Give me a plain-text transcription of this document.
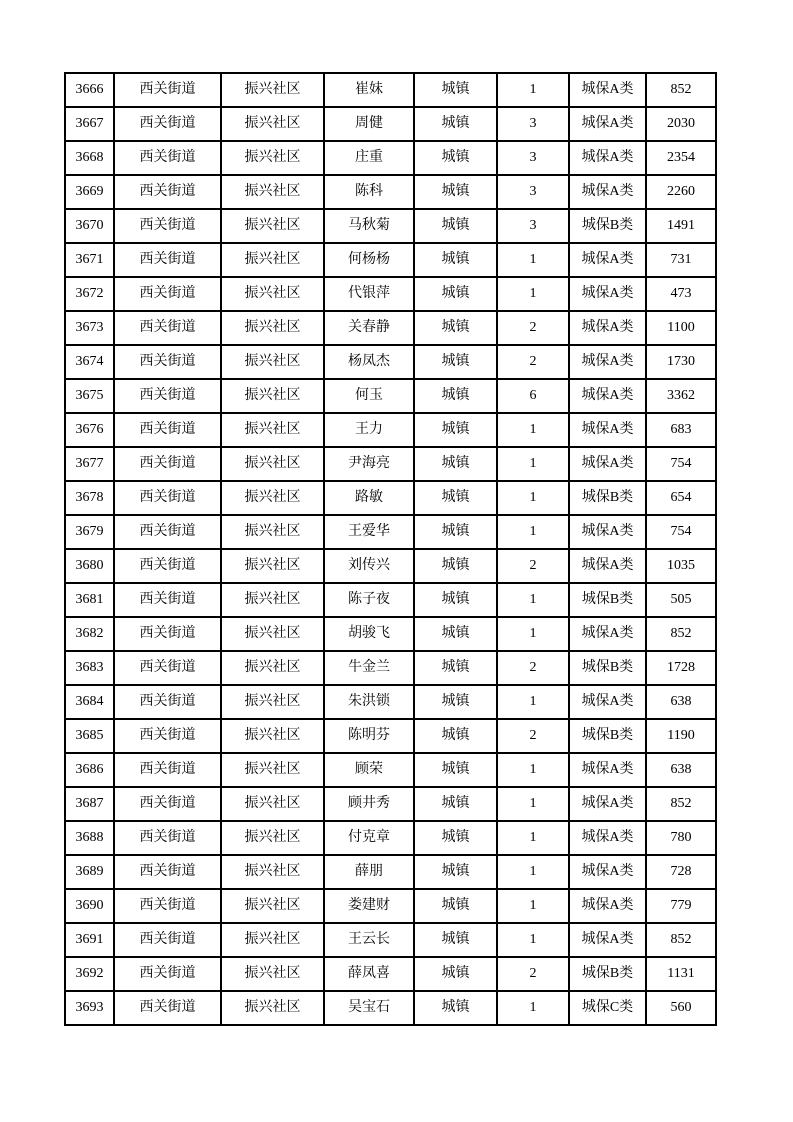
3666	西关街道	振兴社区	崔妹	城镇	1	城保A类	852
3667	西关街道	振兴社区	周健	城镇	3	城保A类	2030
3668	西关街道	振兴社区	庄重	城镇	3	城保A类	2354
3669	西关街道	振兴社区	陈科	城镇	3	城保A类	2260
3670	西关街道	振兴社区	马秋菊	城镇	3	城保B类	1491
3671	西关街道	振兴社区	何杨杨	城镇	1	城保A类	731
3672	西关街道	振兴社区	代银萍	城镇	1	城保A类	473
3673	西关街道	振兴社区	关春静	城镇	2	城保A类	1100
3674	西关街道	振兴社区	杨凤杰	城镇	2	城保A类	1730
3675	西关街道	振兴社区	何玉	城镇	6	城保A类	3362
3676	西关街道	振兴社区	王力	城镇	1	城保A类	683
3677	西关街道	振兴社区	尹海亮	城镇	1	城保A类	754
3678	西关街道	振兴社区	路敏	城镇	1	城保B类	654
3679	西关街道	振兴社区	王爱华	城镇	1	城保A类	754
3680	西关街道	振兴社区	刘传兴	城镇	2	城保A类	1035
3681	西关街道	振兴社区	陈子夜	城镇	1	城保B类	505
3682	西关街道	振兴社区	胡骏飞	城镇	1	城保A类	852
3683	西关街道	振兴社区	牛金兰	城镇	2	城保B类	1728
3684	西关街道	振兴社区	朱洪锁	城镇	1	城保A类	638
3685	西关街道	振兴社区	陈明芬	城镇	2	城保B类	1190
3686	西关街道	振兴社区	顾荣	城镇	1	城保A类	638
3687	西关街道	振兴社区	顾井秀	城镇	1	城保A类	852
3688	西关街道	振兴社区	付克章	城镇	1	城保A类	780
3689	西关街道	振兴社区	薛朋	城镇	1	城保A类	728
3690	西关街道	振兴社区	娄建财	城镇	1	城保A类	779
3691	西关街道	振兴社区	王云长	城镇	1	城保A类	852
3692	西关街道	振兴社区	薛凤喜	城镇	2	城保B类	1131
3693	西关街道	振兴社区	吴宝石	城镇	1	城保C类	560
